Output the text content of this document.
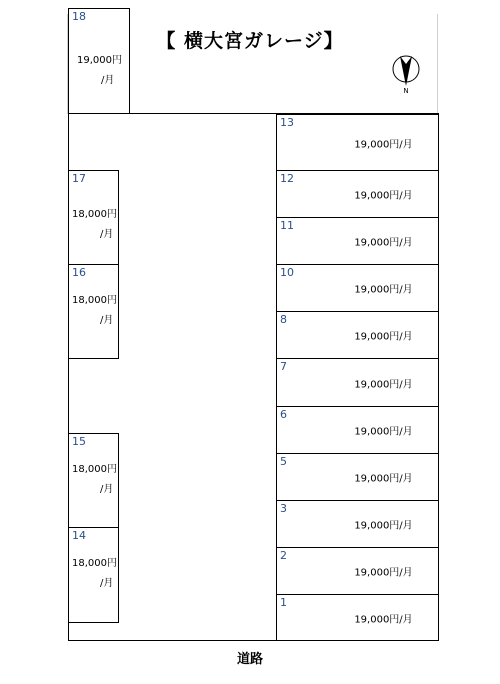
【 横大宮ガレージ】
N
18
19,000円
/月
17
18,000円
/月
16
18,000円
/月
15
18,000円
/月
14
18,000円
/月
13
19,000円/月
12
19,000円/月
11
19,000円/月
10
19,000円/月
8
19,000円/月
7
19,000円/月
6
19,000円/月
5
19,000円/月
3
19,000円/月
2
19,000円/月
1
19,000円/月
道路
